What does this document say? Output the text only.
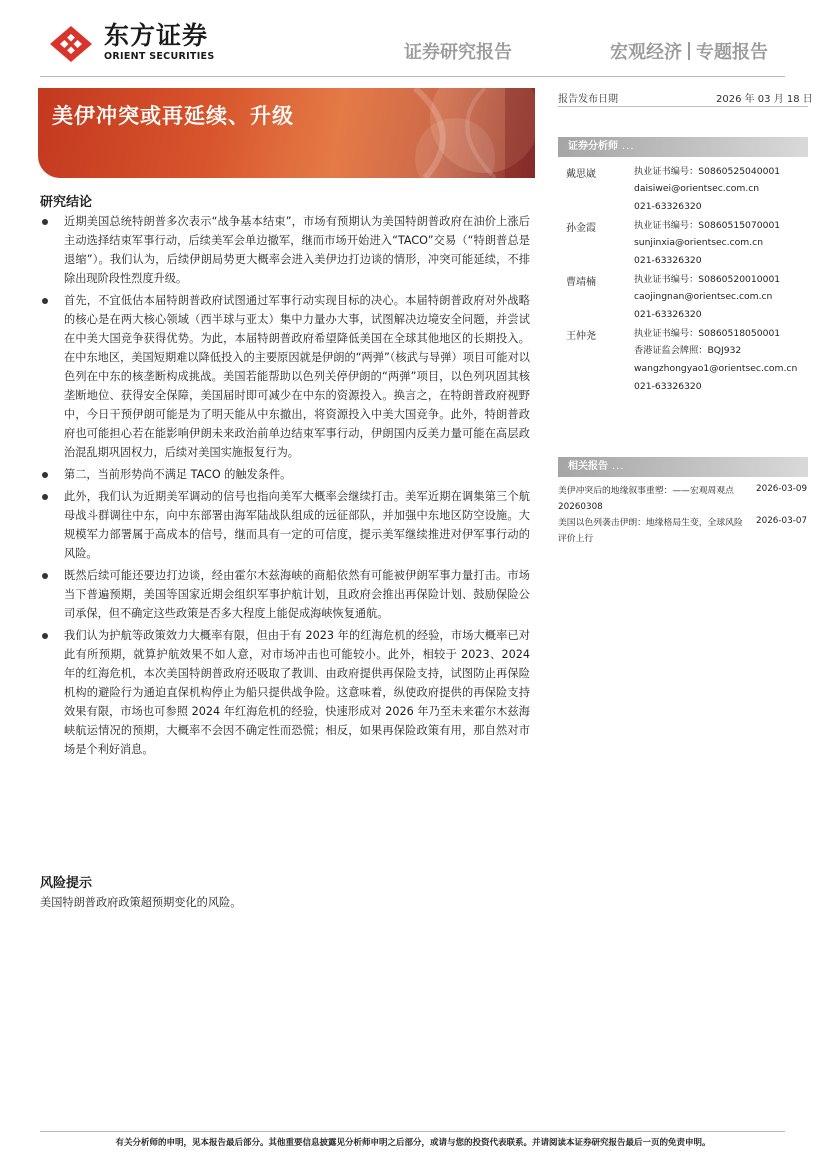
东方证券
ORIENT SECURITIES	证券研究报告	宏观经济 专题报告
美伊冲突或再延续、升级
报告发布日期	2026 年 03 月 18 日
证券分析师 ...
戴思崴	执业证书编号：S0860525040001
daisiwei@orientsec.com.cn
021-63326320
孙金霞	执业证书编号：S0860515070001
sunjinxia@orientsec.com.cn
021-63326320
曹靖楠	执业证书编号：S0860520010001
caojingnan@orientsec.com.cn
021-63326320
王仲尧	执业证书编号：S0860518050001
香港证监会牌照：BQJ932
wangzhongyao1@orientsec.com.cn
021-63326320
相关报告 ...
美伊冲突后的地缘叙事重塑：——宏观周观点 20260308
2026-03-09
美国以色列袭击伊朗：地缘格局生变，全球风险评价上行
2026-03-07
研究结论
近期美国总统特朗普多次表示“战争基本结束”，市场有预期认为美国特朗普政府在油价上涨后主动选择结束军事行动，后续美军会单边撤军，继而市场开始进入“TACO”交易（“特朗普总是退缩”）。我们认为，后续伊朗局势更大概率会进入美伊边打边谈的情形，冲突可能延续，不排除出现阶段性烈度升级。
首先，不宜低估本届特朗普政府试图通过军事行动实现目标的决心。本届特朗普政府对外战略的核心是在两大核心领域（西半球与亚太）集中力量办大事，试图解决边境安全问题，并尝试在中美大国竞争获得优势。为此，本届特朗普政府希望降低美国在全球其他地区的长期投入。在中东地区，美国短期难以降低投入的主要原因就是伊朗的“两弹”（核武与导弹）项目可能对以色列在中东的核垄断构成挑战。美国若能帮助以色列关停伊朗的“两弹”项目，以色列巩固其核垄断地位、获得安全保障，美国届时即可减少在中东的资源投入。换言之，在特朗普政府视野中，今日干预伊朗可能是为了明天能从中东撤出，将资源投入中美大国竞争。此外，特朗普政府也可能担心若在能影响伊朗未来政治前单边结束军事行动，伊朗国内反美力量可能在高层政治混乱期巩固权力，后续对美国实施报复行为。
第二，当前形势尚不满足 TACO 的触发条件。
此外，我们认为近期美军调动的信号也指向美军大概率会继续打击。美军近期在调集第三个航母战斗群调往中东，向中东部署由海军陆战队组成的远征部队，并加强中东地区防空设施。大规模军力部署属于高成本的信号，继而具有一定的可信度，提示美军继续推进对伊军事行动的风险。
既然后续可能还要边打边谈，经由霍尔木兹海峡的商船依然有可能被伊朗军事力量打击。市场当下普遍预期，美国等国家近期会组织军事护航计划，且政府会推出再保险计划、鼓励保险公司承保，但不确定这些政策是否多大程度上能促成海峡恢复通航。
我们认为护航等政策效力大概率有限，但由于有 2023 年的红海危机的经验，市场大概率已对此有所预期，就算护航效果不如人意，对市场冲击也可能较小。此外，相较于 2023、2024 年的红海危机，本次美国特朗普政府还吸取了教训、由政府提供再保险支持，试图防止再保险机构的避险行为通迫直保机构停止为船只提供战争险。这意味着，纵使政府提供的再保险支持效果有限，市场也可参照 2024 年红海危机的经验，快速形成对 2026 年乃至未来霍尔木兹海峡航运情况的预期，大概率不会因不确定性而恐慌；相反，如果再保险政策有用，那自然对市场是个利好消息。
风险提示
美国特朗普政府政策超预期变化的风险。
有关分析师的申明，见本报告最后部分。其他重要信息披露见分析师申明之后部分，或请与您的投资代表联系。并请阅读本证券研究报告最后一页的免责申明。
